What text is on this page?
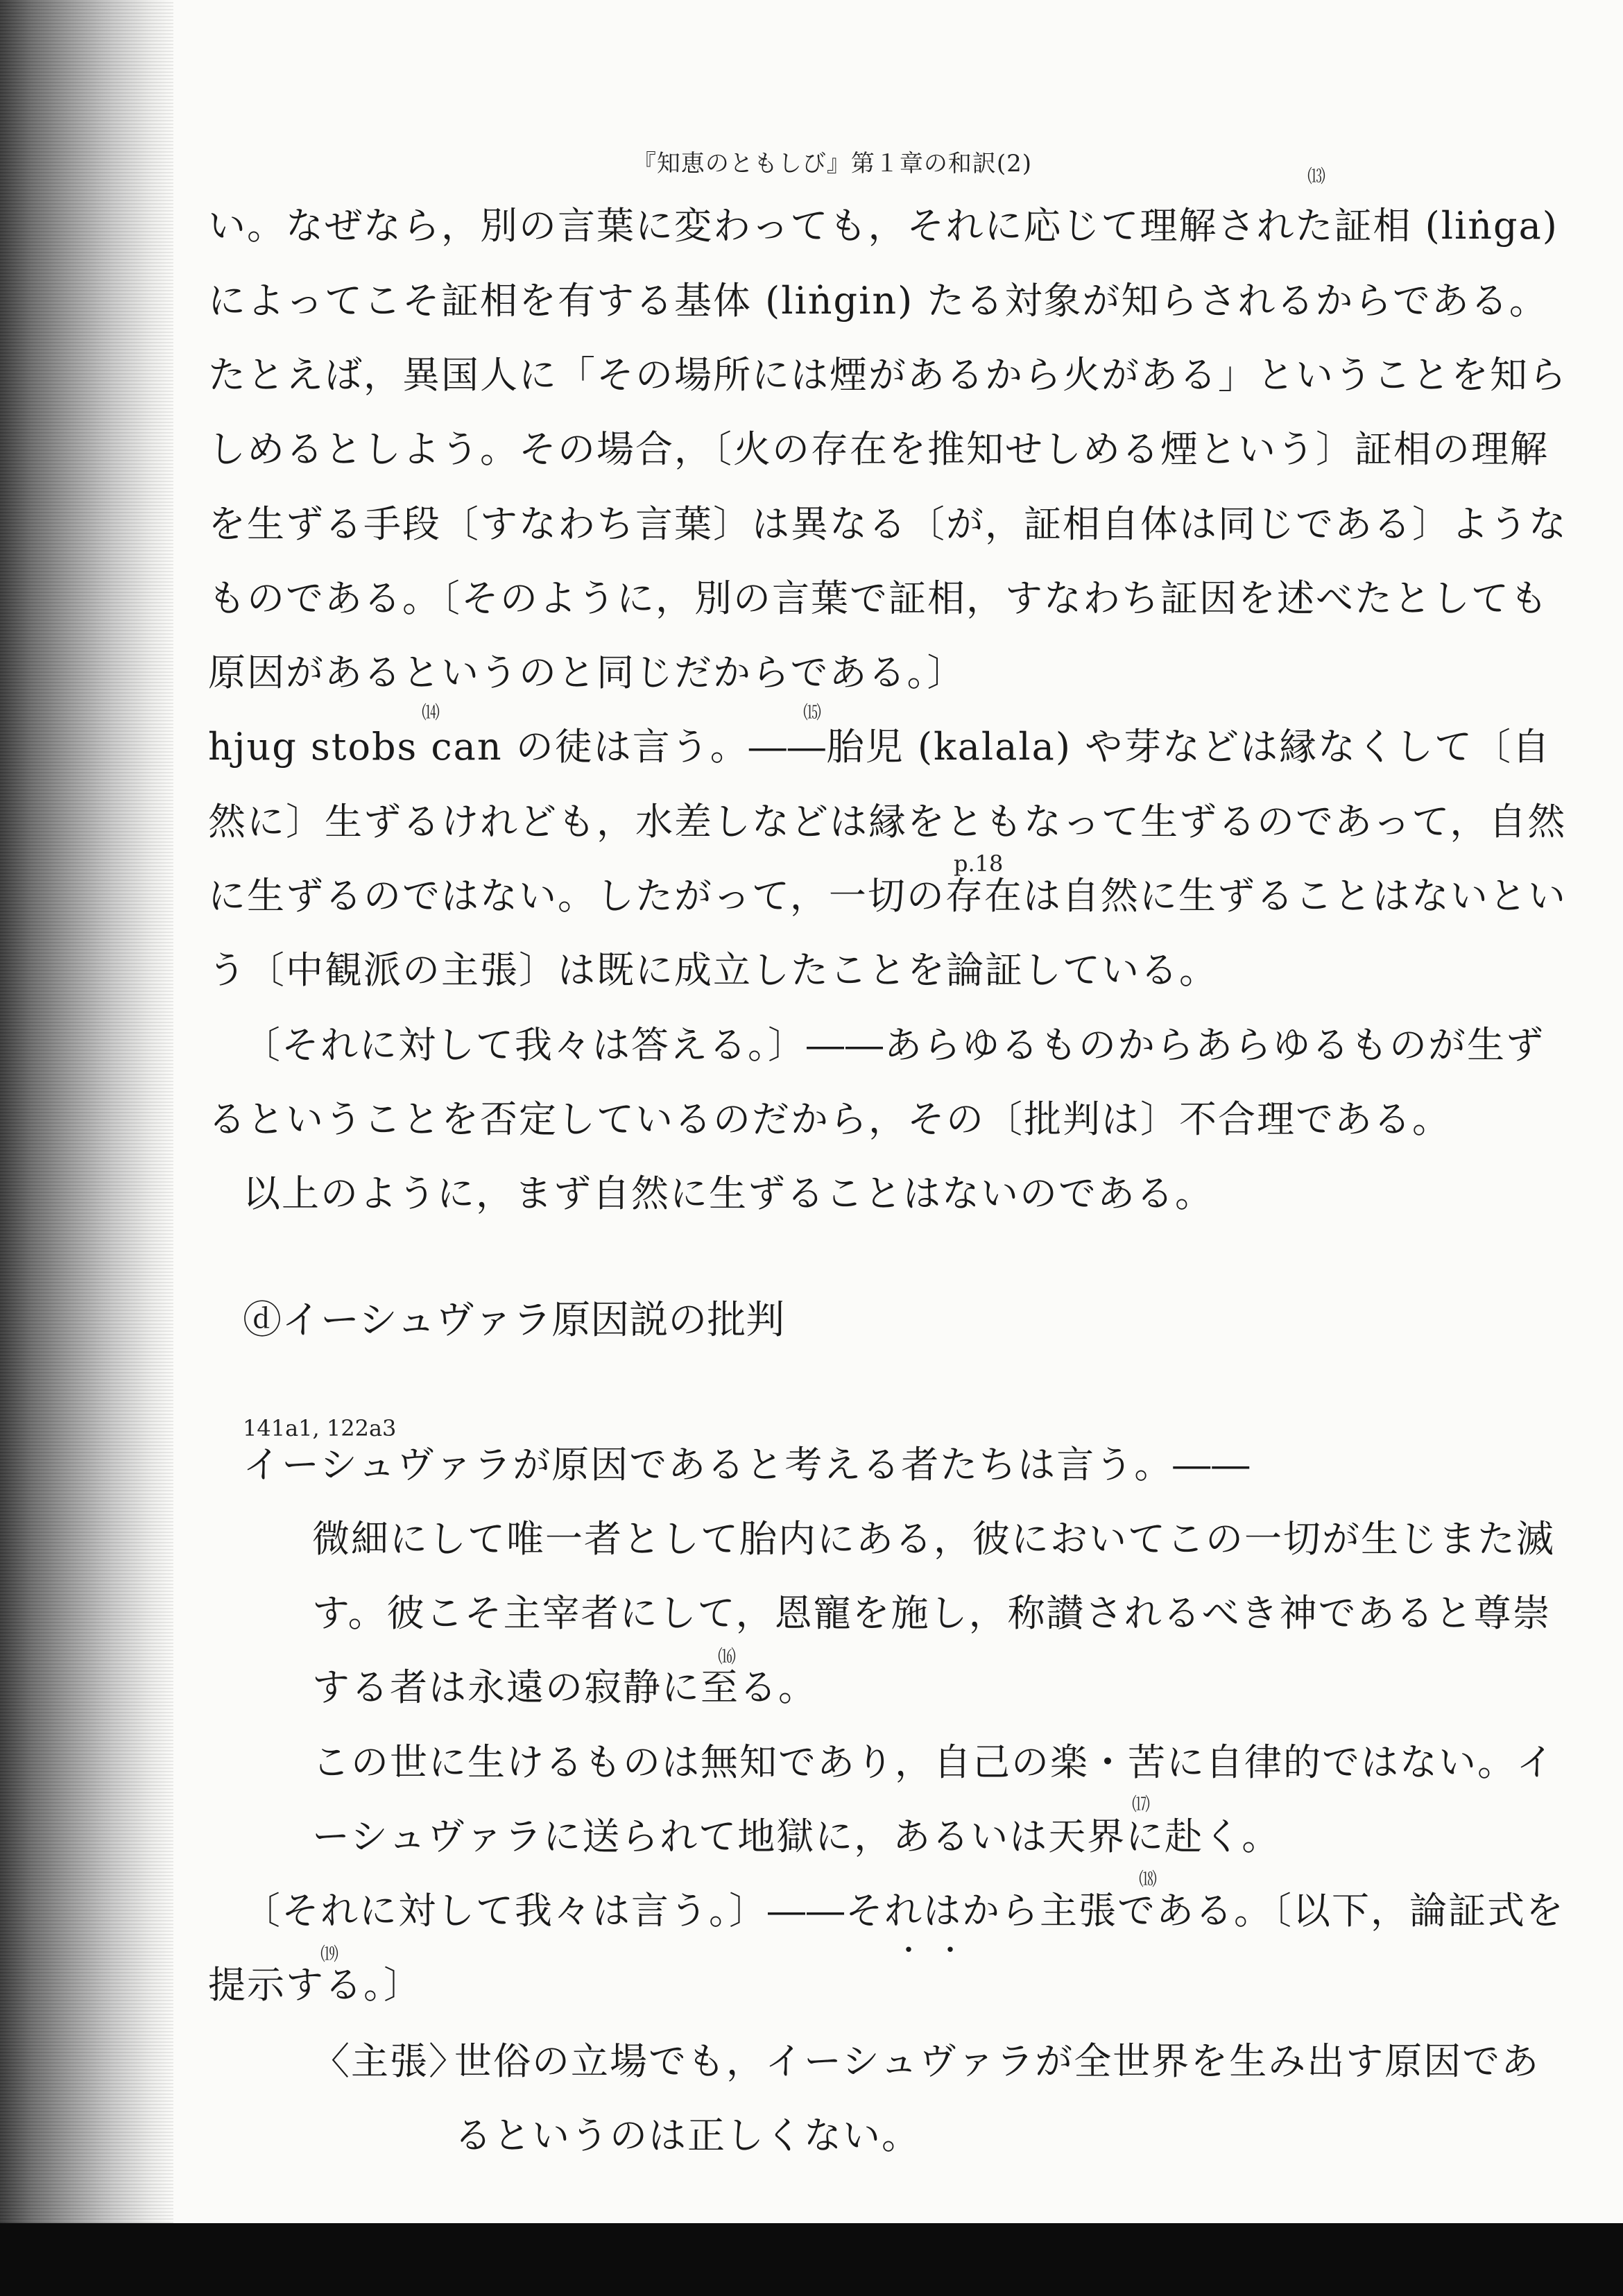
『知恵のともしび』第１章の和訳(2)	⒀
い。なぜなら，別の言葉に変わっても，それに応じて理解された証相 (liṅga)
によってこそ証相を有する基体 (liṅgin) たる対象が知らされるからである。
たとえば，異国人に「その場所には煙があるから火がある」ということを知ら
しめるとしよう。その場合，〔火の存在を推知せしめる煙という〕証相の理解
を生ずる手段〔すなわち言葉〕は異なる〔が，証相自体は同じである〕ような
ものである。〔そのように，別の言葉で証相，すなわち証因を述べたとしても
原因があるというのと同じだからである。〕
⒁	⒂
hjug stobs can の徒は言う。――胎児 (kalala) や芽などは縁なくして〔自
然に〕生ずるけれども，水差しなどは縁をともなって生ずるのであって，自然
p.18
に生ずるのではない。したがって，一切の存在は自然に生ずることはないとい
う〔中観派の主張〕は既に成立したことを論証している。
〔それに対して我々は答える。〕――あらゆるものからあらゆるものが生ず
るということを否定しているのだから，その〔批判は〕不合理である。
以上のように，まず自然に生ずることはないのである。
ⓓイーシュヴァラ原因説の批判
141a1, 122a3
イーシュヴァラが原因であると考える者たちは言う。――
微細にして唯一者として胎内にある，彼においてこの一切が生じまた滅
す。彼こそ主宰者にして，恩寵を施し，称讃されるべき神であると尊崇
⒃
する者は永遠の寂静に至る。
この世に生けるものは無知であり，自己の楽・苦に自律的ではない。イ
⒄
ーシュヴァラに送られて地獄に，あるいは天界に赴く。
⒅
〔それに対して我々は言う。〕――それはから主張である。〔以下，論証式を
・・
⒆
提示する。〕
〈主張〉
世俗の立場でも，イーシュヴァラが全世界を生み出す原因であ
るというのは正しくない。
